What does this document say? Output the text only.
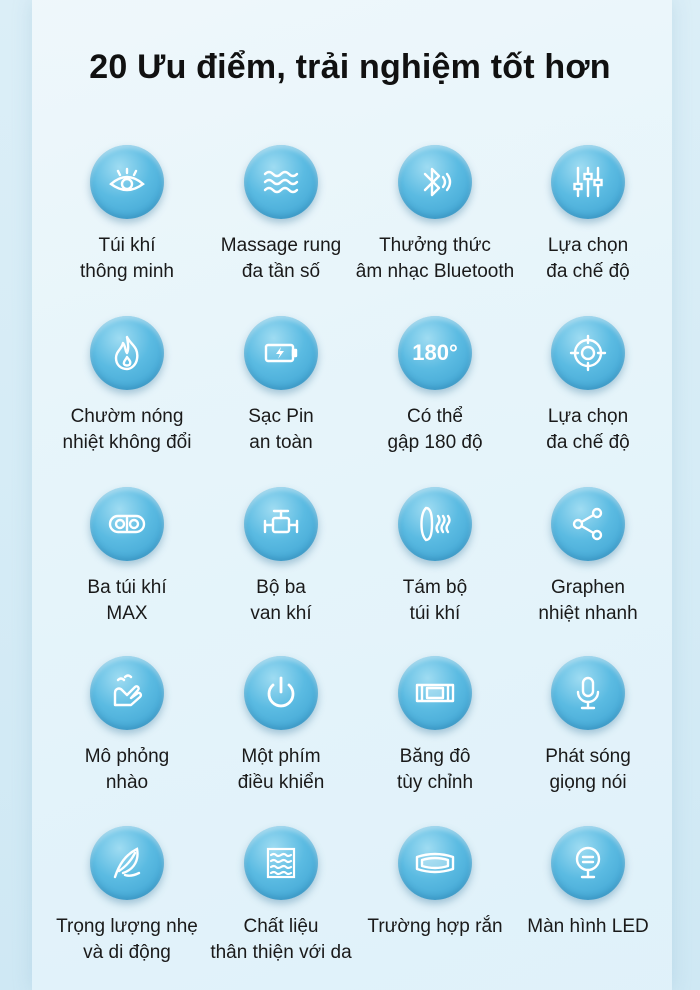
20 Ưu điểm, trải nghiệm tốt hơn
Túi khí
thông minh
Massage rung
đa tần số
Thưởng thức
âm nhạc Bluetooth
Lựa chọn
đa chế độ
Chườm nóng
nhiệt không đổi
Sạc Pin
an toàn
180°
Có thể
gập 180 độ
Lựa chọn
đa chế độ
Ba túi khí
MAX
Bộ ba
van khí
Tám bộ
túi khí
Graphen
nhiệt nhanh
Mô phỏng
nhào
Một phím
điều khiển
Băng đô
tùy chỉnh
Phát sóng
giọng nói
Trọng lượng nhẹ
và di động
Chất liệu
thân thiện với da
Trường hợp rắn	Màn hình LED
